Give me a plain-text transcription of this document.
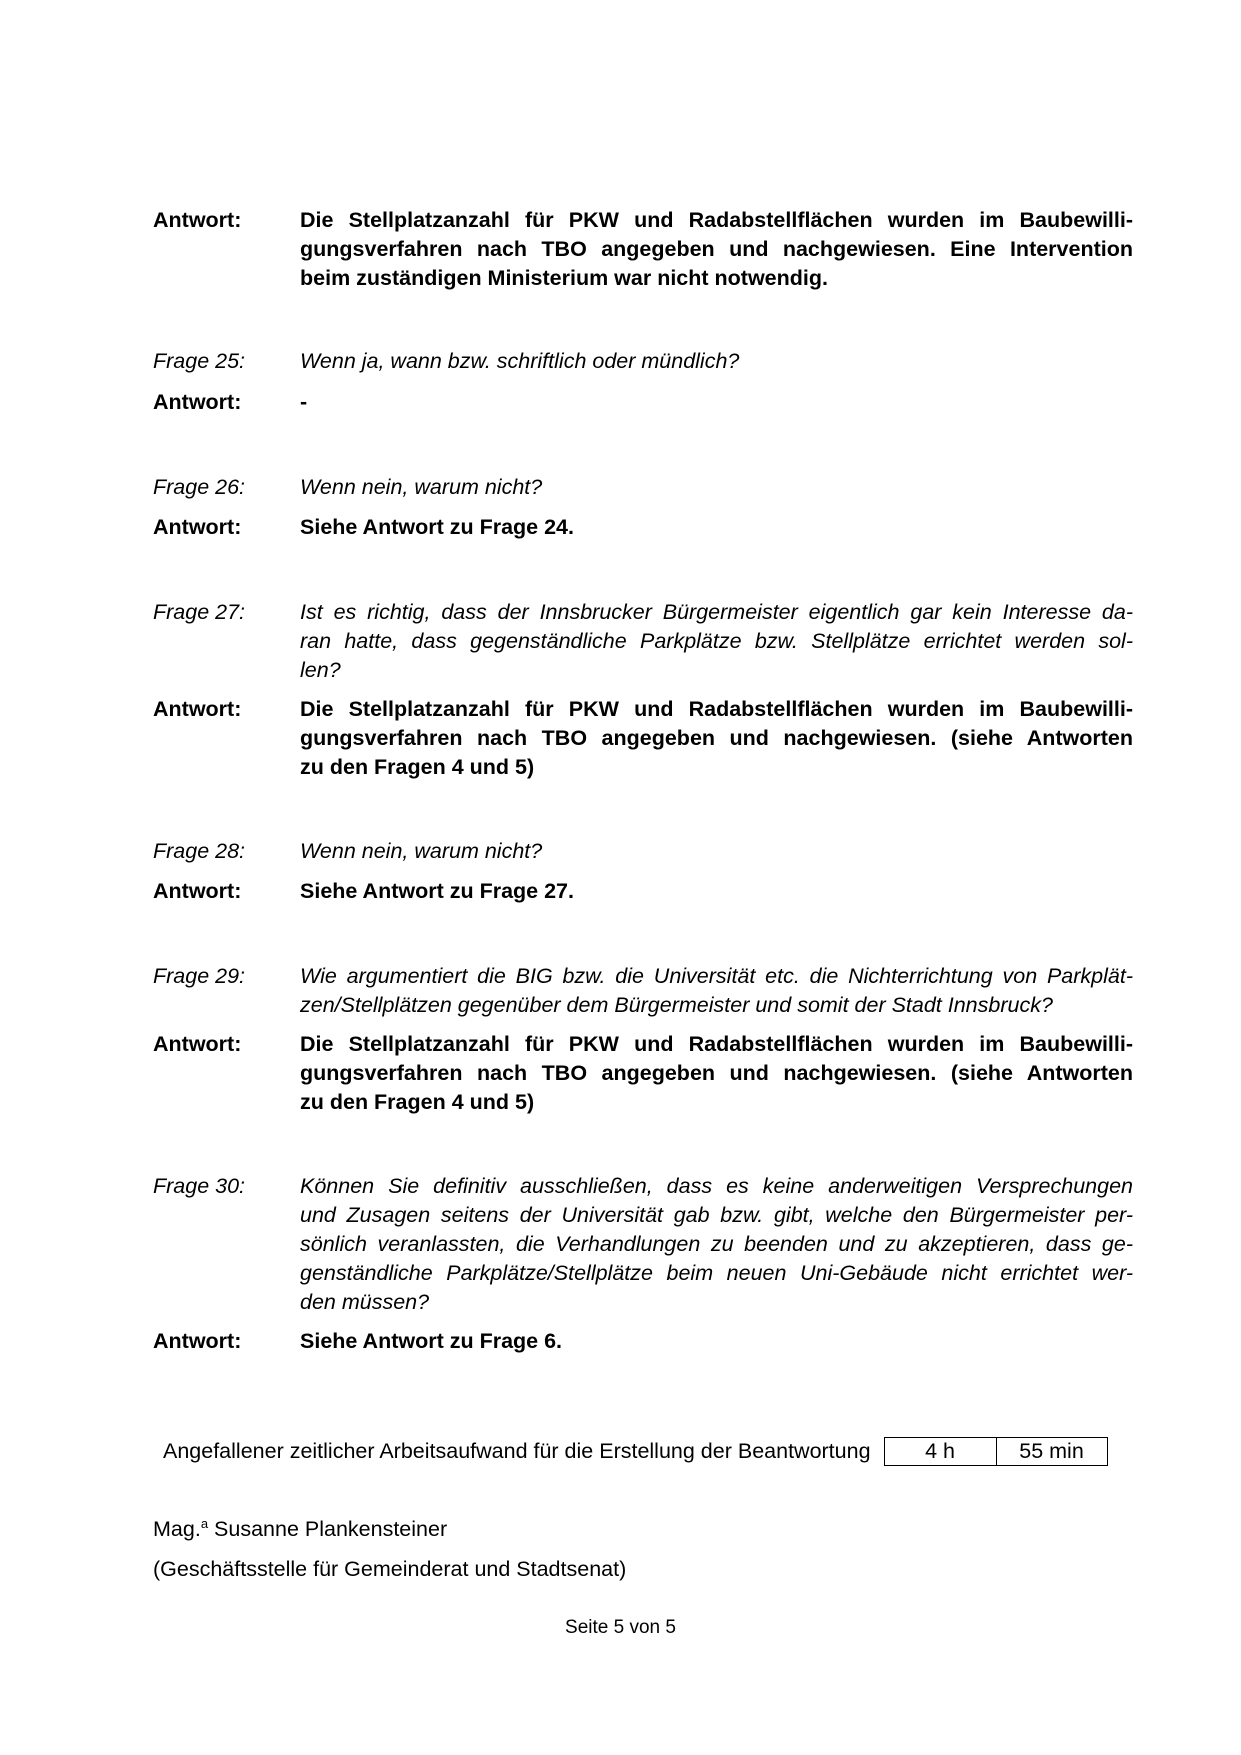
Antwort:	Die Stellplatzanzahl für PKW und Radabstellflächen wurden im Baubewilli-
gungsverfahren nach TBO angegeben und nachgewiesen. Eine Intervention
beim zuständigen Ministerium war nicht notwendig.
Frage 25:	Wenn ja, wann bzw. schriftlich oder mündlich?
Antwort:	-
Frage 26:	Wenn nein, warum nicht?
Antwort:	Siehe Antwort zu Frage 24.
Frage 27:	Ist es richtig, dass der Innsbrucker Bürgermeister eigentlich gar kein Interesse da-
ran hatte, dass gegenständliche Parkplätze bzw. Stellplätze errichtet werden sol-
len?
Antwort:	Die Stellplatzanzahl für PKW und Radabstellflächen wurden im Baubewilli-
gungsverfahren nach TBO angegeben und nachgewiesen. (siehe Antworten
zu den Fragen 4 und 5)
Frage 28:	Wenn nein, warum nicht?
Antwort:	Siehe Antwort zu Frage 27.
Frage 29:	Wie argumentiert die BIG bzw. die Universität etc. die Nichterrichtung von Parkplät-
zen/Stellplätzen gegenüber dem Bürgermeister und somit der Stadt Innsbruck?
Antwort:	Die Stellplatzanzahl für PKW und Radabstellflächen wurden im Baubewilli-
gungsverfahren nach TBO angegeben und nachgewiesen. (siehe Antworten
zu den Fragen 4 und 5)
Frage 30:	Können Sie definitiv ausschließen, dass es keine anderweitigen Versprechungen
und Zusagen seitens der Universität gab bzw. gibt, welche den Bürgermeister per-
sönlich veranlassten, die Verhandlungen zu beenden und zu akzeptieren, dass ge-
genständliche Parkplätze/Stellplätze beim neuen Uni-Gebäude nicht errichtet wer-
den müssen?
Antwort:	Siehe Antwort zu Frage 6.
Angefallener zeitlicher Arbeitsaufwand für die Erstellung der Beantwortung	4 h	55 min
Mag.$^a$ Susanne Plankensteiner
(Geschäftsstelle für Gemeinderat und Stadtsenat)
Seite 5 von 5
